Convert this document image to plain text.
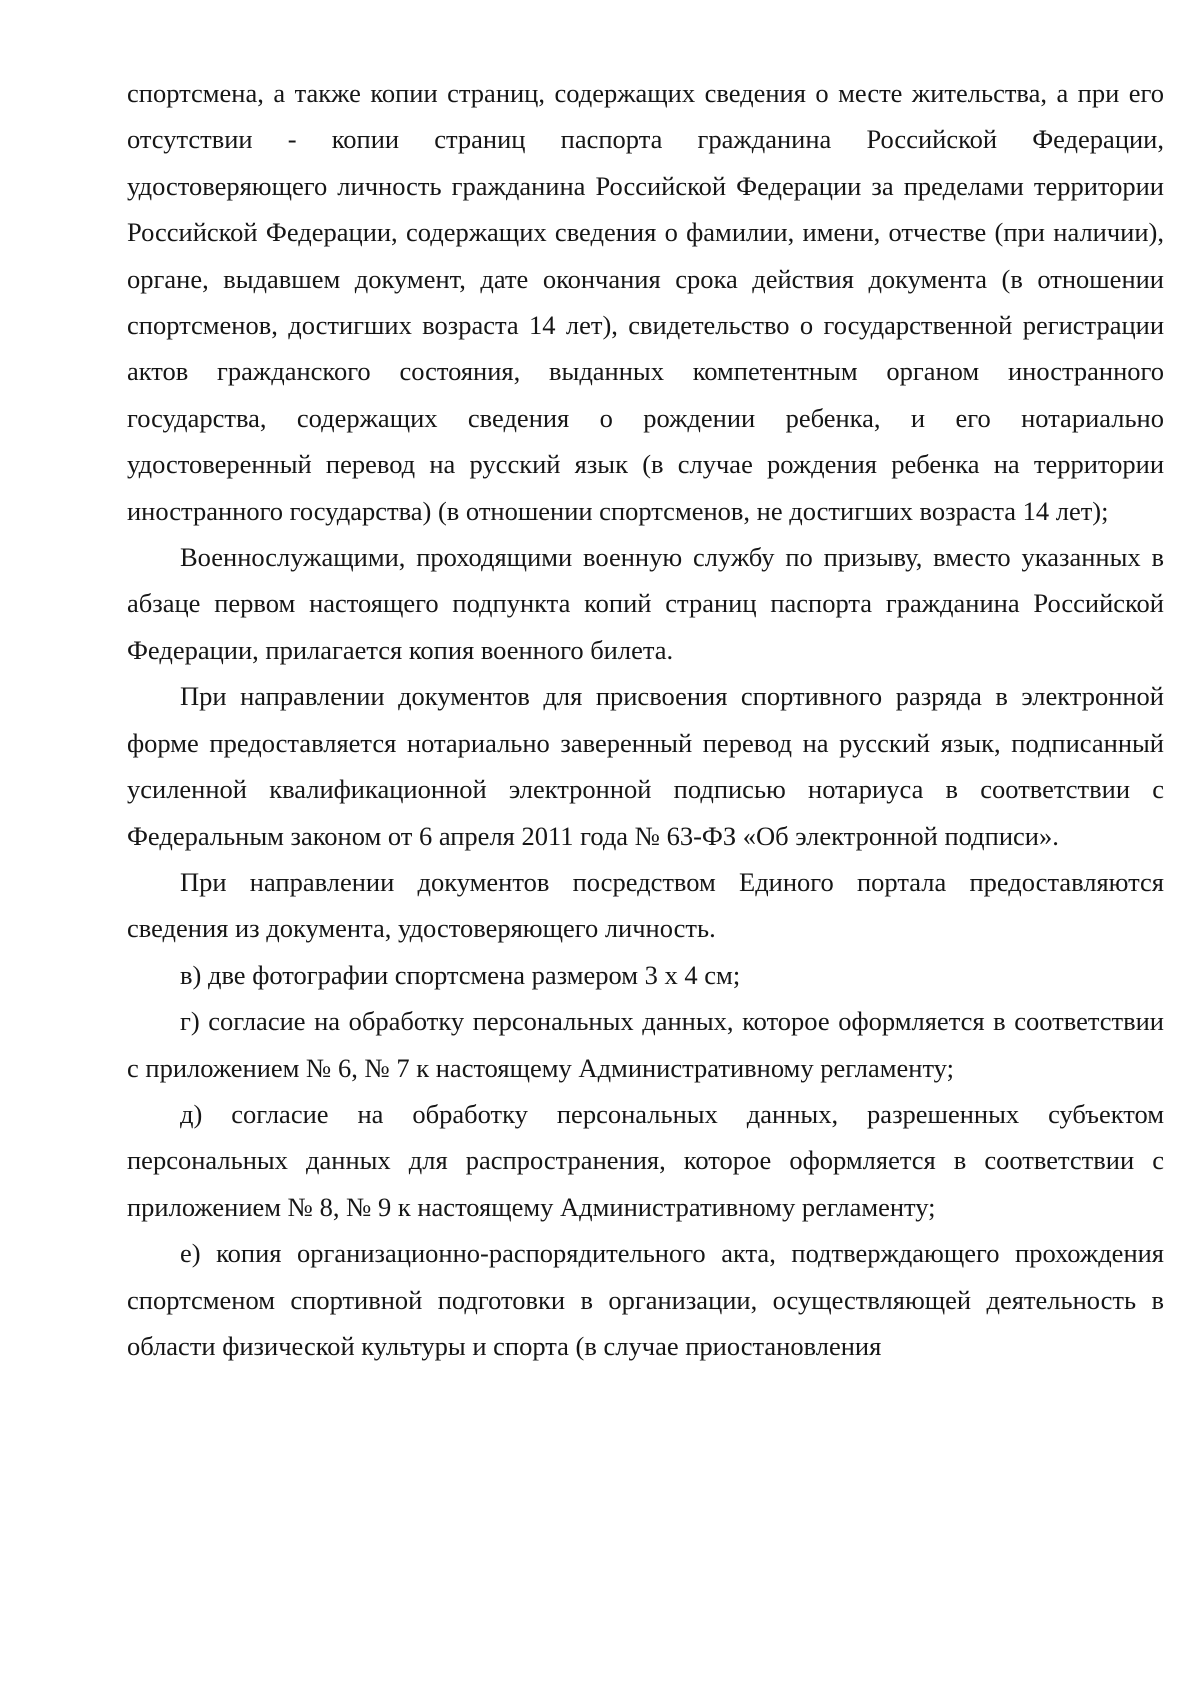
спортсмена, а также копии страниц, содержащих сведения о месте жительства, а при его отсутствии - копии страниц паспорта гражданина Российской Федерации, удостоверяющего личность гражданина Российской Федерации за пределами территории Российской Федерации, содержащих сведения о фамилии, имени, отчестве (при наличии), органе, выдавшем документ, дате окончания срока действия документа (в отношении спортсменов, достигших возраста 14 лет), свидетельство о государственной регистрации актов гражданского состояния, выданных компетентным органом иностранного государства, содержащих сведения о рождении ребенка, и его нотариально удостоверенный перевод на русский язык (в случае рождения ребенка на территории иностранного государства) (в отношении спортсменов, не достигших возраста 14 лет);

Военнослужащими, проходящими военную службу по призыву, вместо указанных в абзаце первом настоящего подпункта копий страниц паспорта гражданина Российской Федерации, прилагается копия военного билета.

При направлении документов для присвоения спортивного разряда в электронной форме предоставляется нотариально заверенный перевод на русский язык, подписанный усиленной квалификационной электронной подписью нотариуса в соответствии с Федеральным законом от 6 апреля 2011 года № 63-ФЗ «Об электронной подписи».

При направлении документов посредством Единого портала предоставляются сведения из документа, удостоверяющего личность.

в) две фотографии спортсмена размером 3 х 4 см;

г) согласие на обработку персональных данных, которое оформляется в соответствии с приложением № 6, № 7 к настоящему Административному регламенту;

д) согласие на обработку персональных данных, разрешенных субъектом персональных данных для распространения, которое оформляется в соответствии с приложением № 8, № 9 к настоящему Административному регламенту;

е) копия организационно-распорядительного акта, подтверждающего прохождения спортсменом спортивной подготовки в организации, осуществляющей деятельность в области физической культуры и спорта (в случае приостановления
